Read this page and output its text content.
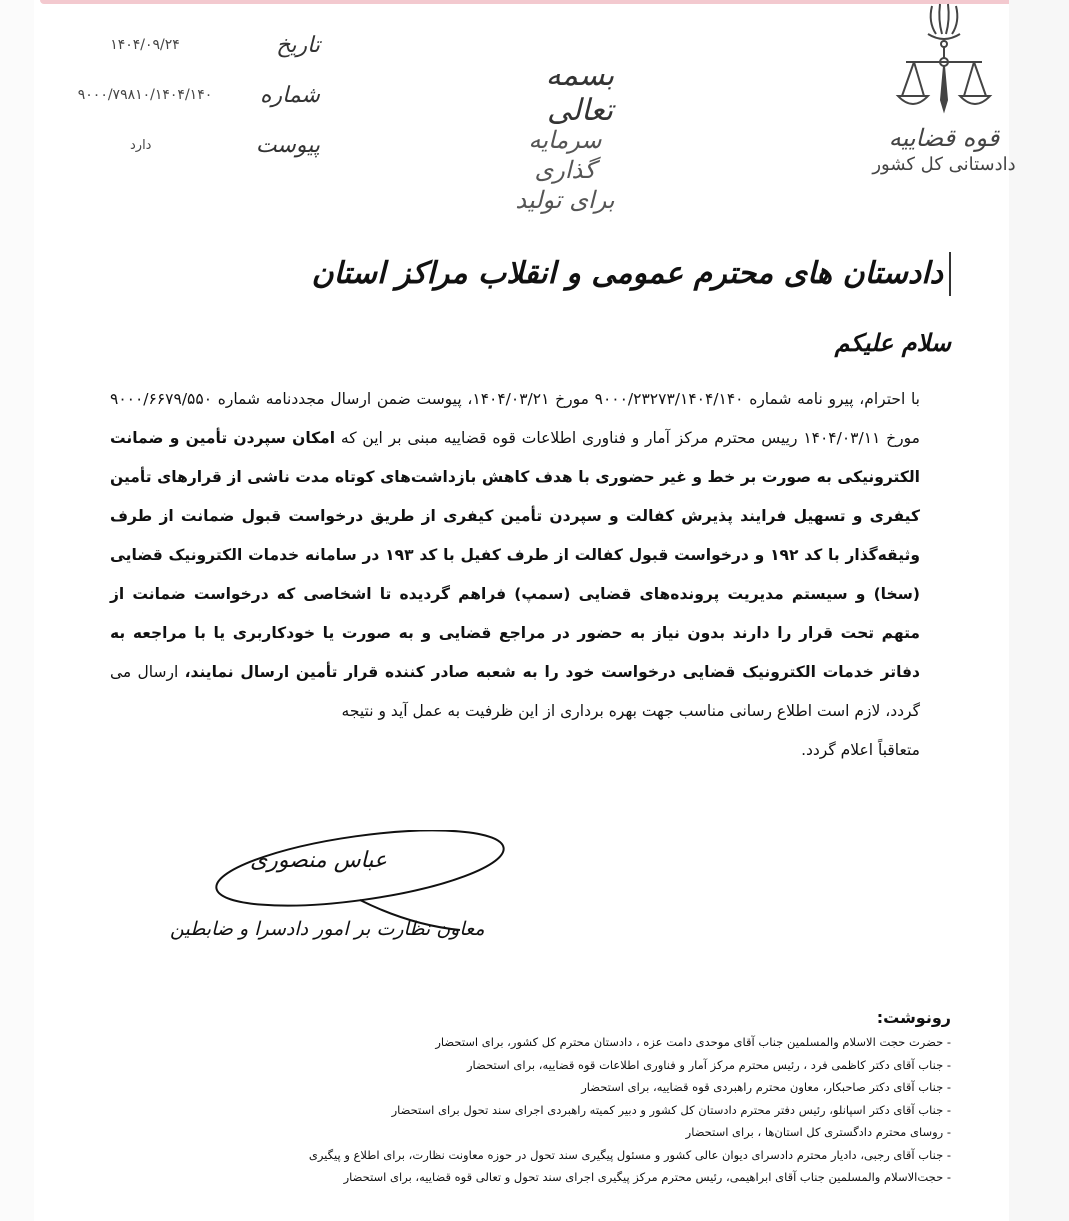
تاریخ
۱۴۰۴/۰۹/۲۴
شماره
۹۰۰۰/۷۹۸۱۰/۱۴۰۴/۱۴۰
پیوست
دارد
بسمه تعالی
سرمایه گذاری برای تولید
قوه قضاییه
دادستانی کل کشور
دادستان های محترم عمومی و انقلاب مراکز استان
سلام علیکم
با احترام، پیرو نامه شماره ۹۰۰۰/۲۳۲۷۳/۱۴۰۴/۱۴۰ مورخ ۱۴۰۴/۰۳/۲۱، پیوست ضمن ارسال مجددنامه شماره ۹۰۰۰/۶۶۷۹/۵۵۰ مورخ ۱۴۰۴/۰۳/۱۱ رییس محترم مرکز آمار و فناوری اطلاعات قوه قضاییه مبنی بر این که امکان سپردن تأمین و ضمانت الکترونیکی به صورت بر خط و غیر حضوری با هدف کاهش بازداشت‌های کوتاه مدت ناشی از قرارهای تأمین کیفری و تسهیل فرایند پذیرش کفالت و سپردن تأمین کیفری از طریق درخواست قبول ضمانت از طرف وثیقه‌گذار با کد ۱۹۲ و درخواست قبول کفالت از طرف کفیل با کد ۱۹۳ در سامانه خدمات الکترونیک قضایی (سخا) و سیستم مدیریت پرونده‌های قضایی (سمپ) فراهم گردیده تا اشخاصی که درخواست ضمانت از متهم تحت قرار را دارند بدون نیاز به حضور در مراجع قضایی و به صورت یا خودکاربری یا با مراجعه به دفاتر خدمات الکترونیک قضایی درخواست خود را به شعبه صادر کننده قرار تأمین ارسال نمایند، ارسال می گردد، لازم است اطلاع رسانی مناسب جهت بهره برداری از این ظرفیت به عمل آید و نتیجه
متعاقباً اعلام گردد.
عباس منصوری
معاون نظارت بر امور دادسرا و ضابطین
رونوشت:
- حضرت حجت الاسلام والمسلمین جناب آقای موحدی دامت عزه ، دادستان محترم کل کشور، برای استحضار
- جناب آقای دکتر کاظمی فرد ، رئیس محترم مرکز آمار و فناوری اطلاعات قوه قضاییه، برای استحضار
- جناب آقای دکتر صاحبکار، معاون محترم راهبردی قوه قضاییه، برای استحضار
- جناب آقای دکتر اسپانلو، رئیس دفتر محترم دادستان کل کشور و دبیر کمیته راهبردی اجرای سند تحول برای استحضار
- روسای محترم دادگستری کل استان‌ها ، برای استحضار
- جناب آقای رجبی، دادیار محترم دادسرای دیوان عالی کشور و مسئول پیگیری سند تحول در حوزه معاونت نظارت، برای اطلاع و پیگیری
- حجت‌الاسلام والمسلمین جناب آقای ابراهیمی، رئیس محترم مرکز پیگیری اجرای سند تحول و تعالی قوه قضاییه، برای استحضار
